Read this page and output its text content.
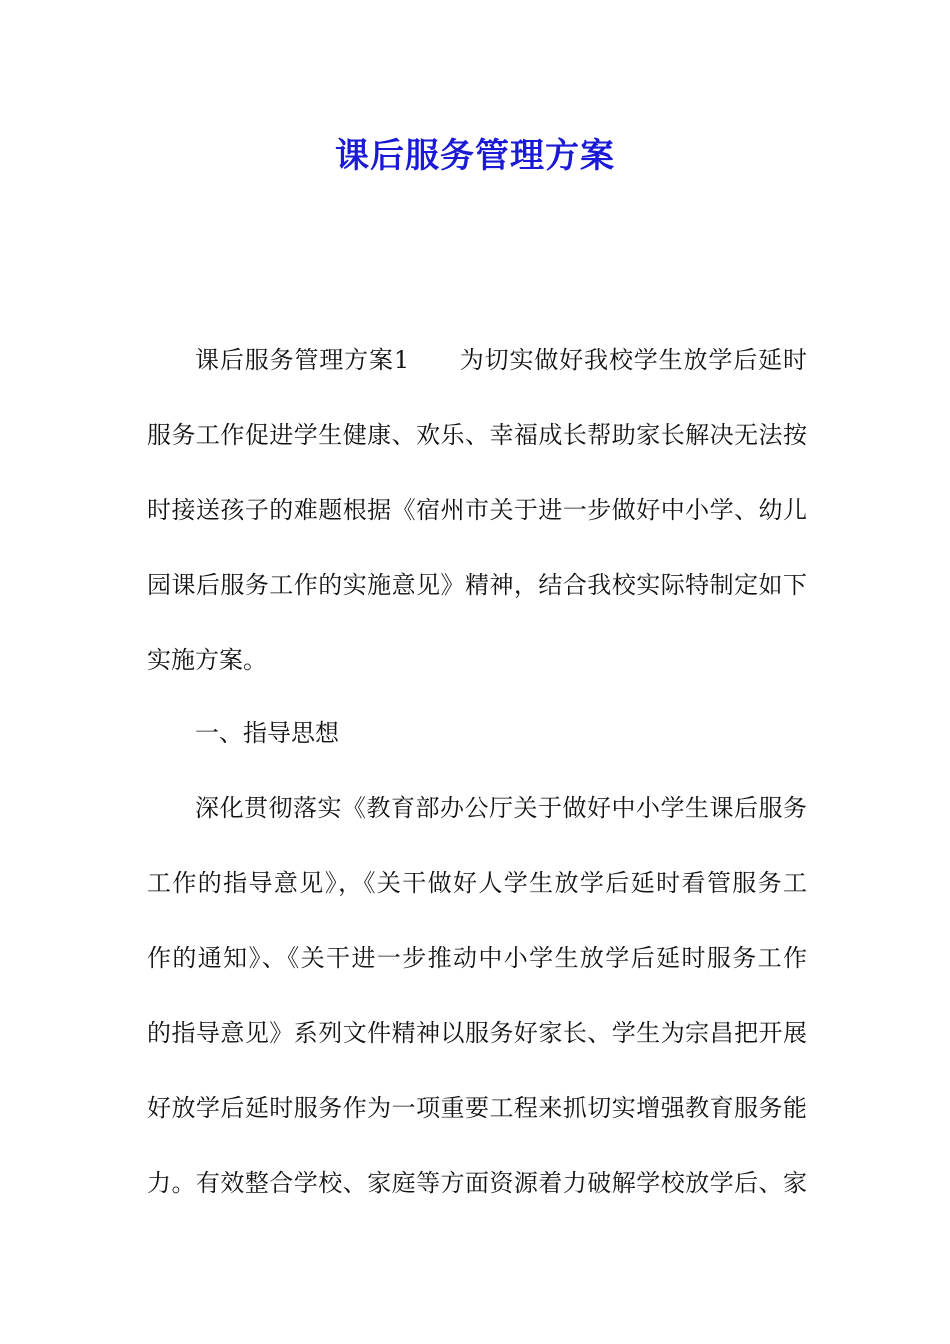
课后服务管理方案
课后服务管理方案1　　为切实做好我校学生放学后延时
服务工作促进学生健康、欢乐、幸福成长帮助家长解决无法按
时接送孩子的难题根据《宿州市关于进一步做好中小学、幼儿
园课后服务工作的实施意见》精神，结合我校实际特制定如下
实施方案。
一、指导思想
深化贯彻落实《教育部办公厅关于做好中小学生课后服务
工作的指导意见》，《关干做好人学生放学后延时看管服务工
作的通知》、《关干进一步推动中小学生放学后延时服务工作
的指导意见》系列文件精神以服务好家长、学生为宗昌把开展
好放学后延时服务作为一项重要工程来抓切实增强教育服务能
力。有效整合学校、家庭等方面资源着力破解学校放学后、家
